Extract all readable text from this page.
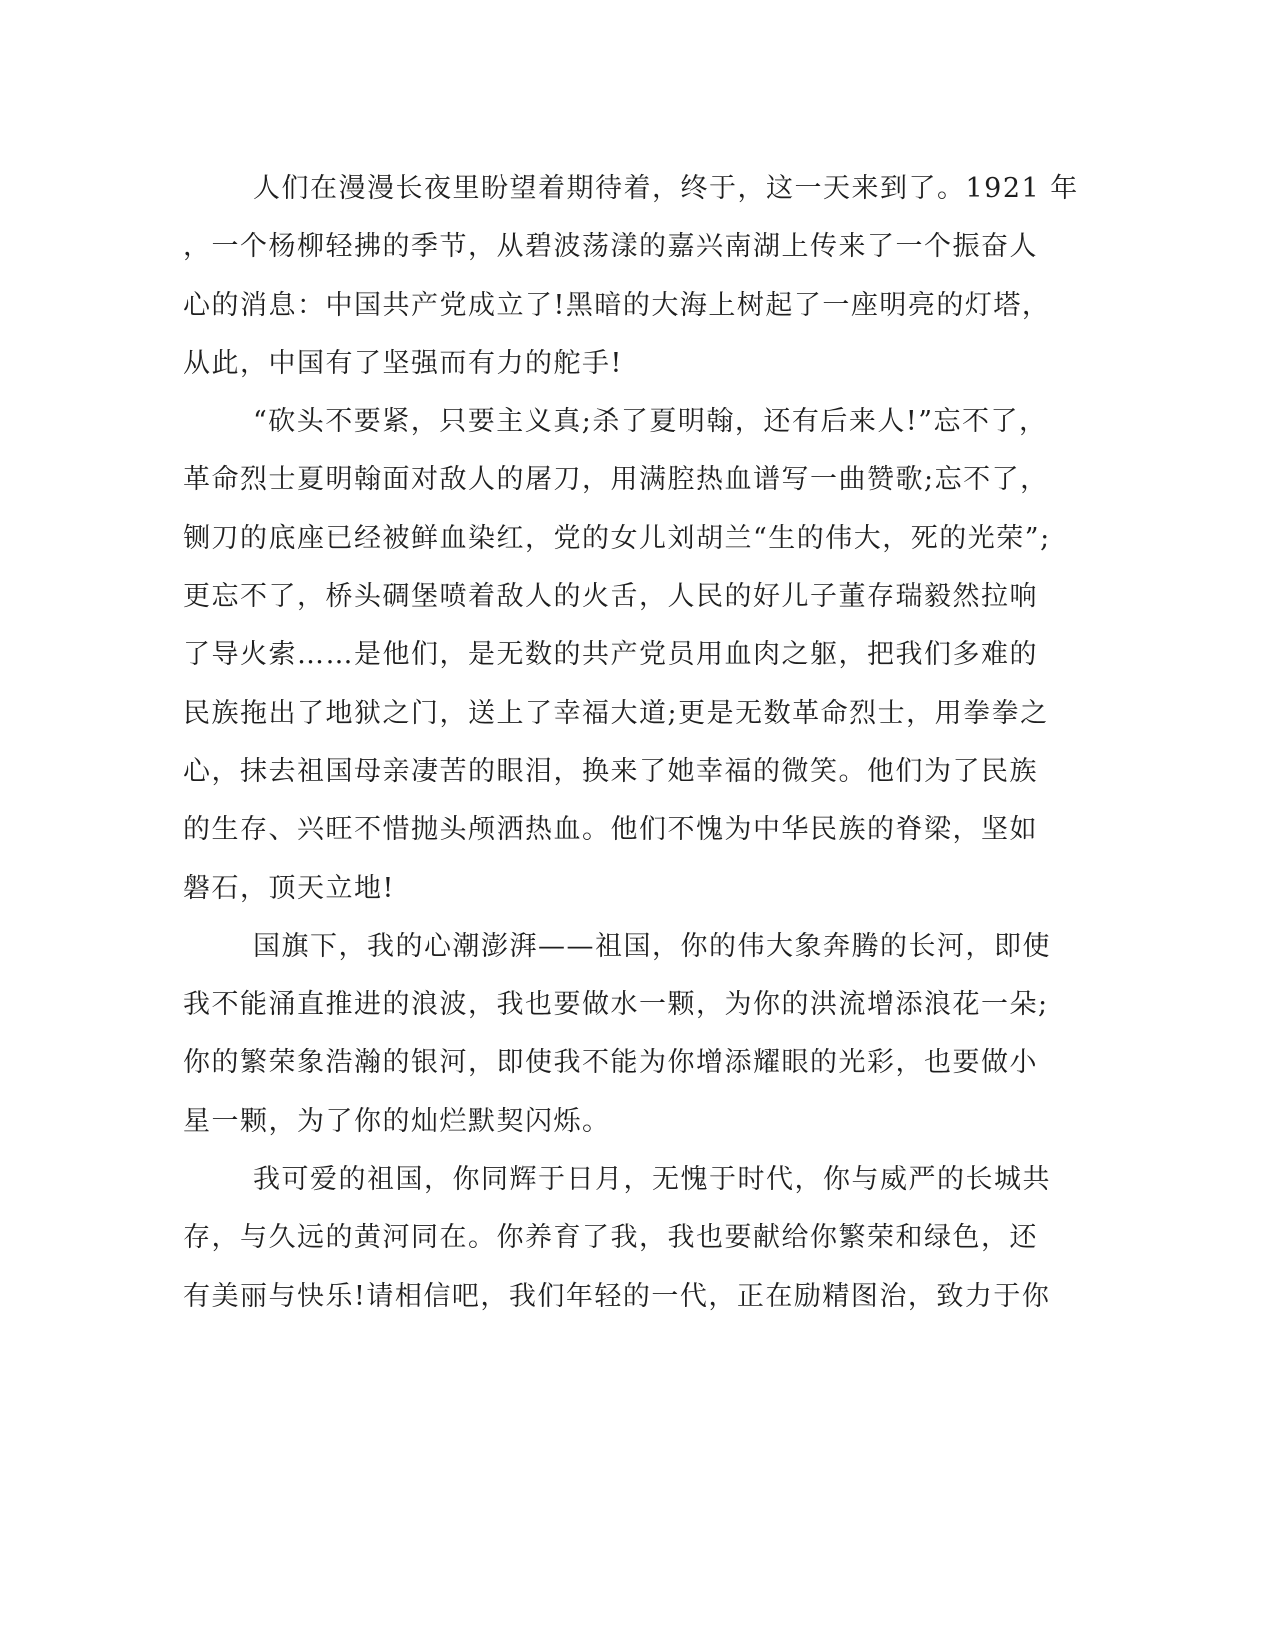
人们在漫漫长夜里盼望着期待着，终于，这一天来到了。1921 年
，一个杨柳轻拂的季节，从碧波荡漾的嘉兴南湖上传来了一个振奋人
心的消息：中国共产党成立了!黑暗的大海上树起了一座明亮的灯塔，
从此，中国有了坚强而有力的舵手!
“砍头不要紧，只要主义真;杀了夏明翰，还有后来人!”忘不了，
革命烈士夏明翰面对敌人的屠刀，用满腔热血谱写一曲赞歌;忘不了，
铡刀的底座已经被鲜血染红，党的女儿刘胡兰“生的伟大，死的光荣”;
更忘不了，桥头碉堡喷着敌人的火舌，人民的好儿子董存瑞毅然拉响
了导火索……是他们，是无数的共产党员用血肉之躯，把我们多难的
民族拖出了地狱之门，送上了幸福大道;更是无数革命烈士，用拳拳之
心，抹去祖国母亲凄苦的眼泪，换来了她幸福的微笑。他们为了民族
的生存、兴旺不惜抛头颅洒热血。他们不愧为中华民族的脊梁，坚如
磐石，顶天立地!
国旗下，我的心潮澎湃——祖国，你的伟大象奔腾的长河，即使
我不能涌直推进的浪波，我也要做水一颗，为你的洪流增添浪花一朵;
你的繁荣象浩瀚的银河，即使我不能为你增添耀眼的光彩，也要做小
星一颗，为了你的灿烂默契闪烁。
我可爱的祖国，你同辉于日月，无愧于时代，你与威严的长城共
存，与久远的黄河同在。你养育了我，我也要献给你繁荣和绿色，还
有美丽与快乐!请相信吧，我们年轻的一代，正在励精图治，致力于你
